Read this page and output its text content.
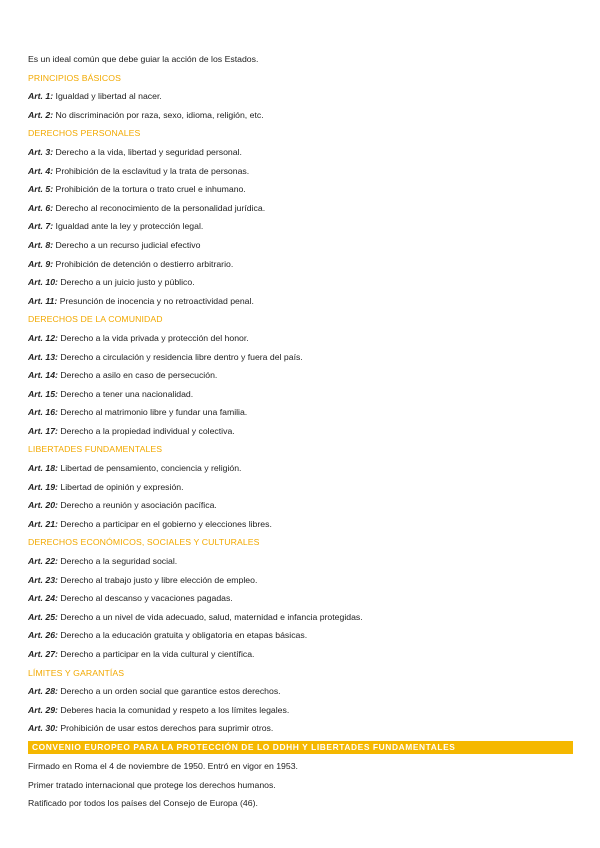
Es un ideal común que debe guiar la acción de los Estados.
PRINCIPIOS BÁSICOS
Art. 1: Igualdad y libertad al nacer.
Art. 2: No discriminación por raza, sexo, idioma, religión, etc.
DERECHOS PERSONALES
Art. 3: Derecho a la vida, libertad y seguridad personal.
Art. 4: Prohibición de la esclavitud y la trata de personas.
Art. 5: Prohibición de la tortura o trato cruel e inhumano.
Art. 6: Derecho al reconocimiento de la personalidad jurídica.
Art. 7: Igualdad ante la ley y protección legal.
Art. 8: Derecho a un recurso judicial efectivo
Art. 9: Prohibición de detención o destierro arbitrario.
Art. 10: Derecho a un juicio justo y público.
Art. 11: Presunción de inocencia y no retroactividad penal.
DERECHOS DE LA COMUNIDAD
Art. 12: Derecho a la vida privada y protección del honor.
Art. 13: Derecho a circulación y residencia libre dentro y fuera del país.
Art. 14: Derecho a asilo en caso de persecución.
Art. 15: Derecho a tener una nacionalidad.
Art. 16: Derecho al matrimonio libre y fundar una familia.
Art. 17: Derecho a la propiedad individual y colectiva.
LIBERTADES FUNDAMENTALES
Art. 18: Libertad de pensamiento, conciencia y religión.
Art. 19: Libertad de opinión y expresión.
Art. 20: Derecho a reunión y asociación pacífica.
Art. 21: Derecho a participar en el gobierno y elecciones libres.
DERECHOS ECONÓMICOS, SOCIALES Y CULTURALES
Art. 22: Derecho a la seguridad social.
Art. 23: Derecho al trabajo justo y libre elección de empleo.
Art. 24: Derecho al descanso y vacaciones pagadas.
Art. 25: Derecho a un nivel de vida adecuado, salud, maternidad e infancia protegidas.
Art. 26: Derecho a la educación gratuita y obligatoria en etapas básicas.
Art. 27: Derecho a participar en la vida cultural y científica.
LÍMITES Y GARANTÍAS
Art. 28: Derecho a un orden social que garantice estos derechos.
Art. 29: Deberes hacia la comunidad y respeto a los límites legales.
Art. 30: Prohibición de usar estos derechos para suprimir otros.
CONVENIO EUROPEO PARA LA PROTECCIÓN DE LO DDHH Y LIBERTADES FUNDAMENTALES
Firmado en Roma el 4 de noviembre de 1950. Entró en vigor en 1953.
Primer tratado internacional que protege los derechos humanos.
Ratificado por todos los países del Consejo de Europa (46).
